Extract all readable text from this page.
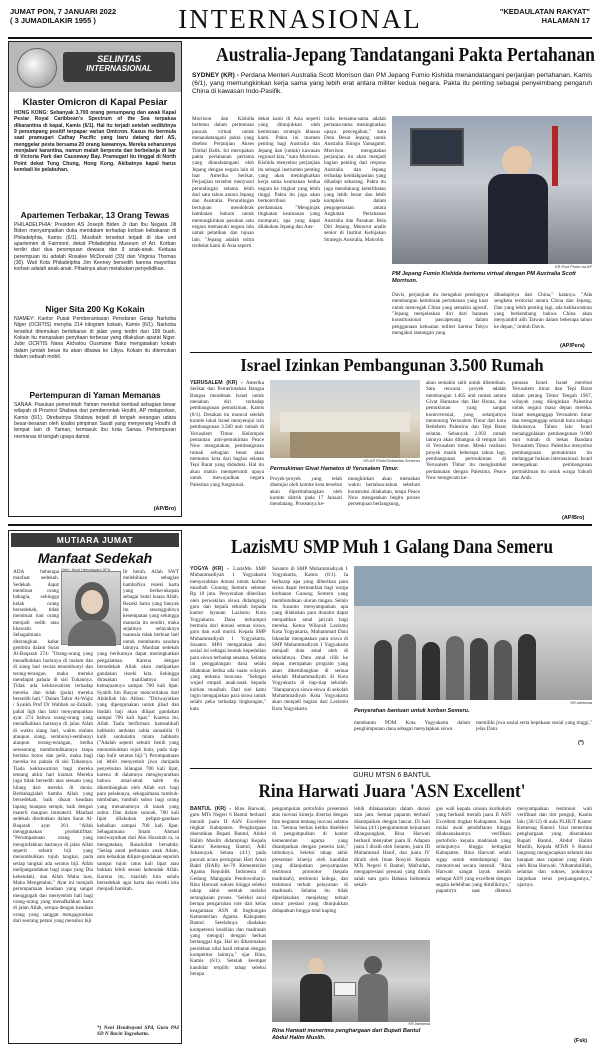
JUMAT PON, 7 JANUARI 2022
( 3 JUMADILAKIR 1955 )	INTERNASIONAL	"KEDAULATAN RAKYAT"
HALAMAN 17
SELINTAS
INTERNASIONAL
Klaster Omicron di Kapal Pesiar
HONG KONG: Sebanyak 3.700 orang penumpang dan awak Kapal Pesiar Royal Caribbean's Spectrum of the Sea terpaksa dikarantina di kapal, Kamis (6/1). Hal itu terjadi setelah sedikitnya 9 penumpang positif terpapar varian Omicron. Kasus itu bermula saat pramugari Cathay Pacific yang baru datang dari AS, menggelar pesta bersama 20 orang kawannya. Mereka seharusnya menjalani karantina, namun malah berpesta dan berbelanja di bar di Victoria Park dan Causeway Bay. Pramugari itu tinggal di North Point dekat Tung Chung, Hong Kong. Akibatnya kapal harus kembali ke pelabuhan.
Apartemen Terbakar, 13 Orang Tewas
PHILADELPHIA: Presiden AS Joseph Biden Jr dan Ibu Negara Jill Biden menyampaikan duka mendalam terhadap korban kebakaran di Philadelphia, Kamis (6/1). Musibah tersebut terjadi di due unit apartemen di Fairmont, dekat Philadelphia Museum of Art. Korban terdiri dari dua perempuan dewasa dan 9 anak-anak. Keduaa perempuan itu adalah Rosalee McDonald (33) dan Virginia Thomas (30). Wali Kota Philadelphia Jim Kenney bersedih karena mayoritas korban adalah anak-anak. Pihaknya akan melakukan penyelidikan.
Niger Sita 200 Kg Kokain
NIAMEY: Kantor Pusat Pemberantasan Peredaran Gelap Narkoba Niger (OCRTIS) menyita 214 kilogram kokain, Kamis (6/1). Narkoba tersebut ditemukan bertebaran di jalan yang terdiri dari 199 buah. Kokain itu merupakan penyitaan terbesar yang dilakukan aparat Niger. Jubir OCRTIS Nana Aichatou Ousmane Bako mengatakan kokain dalam jumlah besar itu akan dibawa ke Libya. Kokain itu ditemukan dalam sebuah mobil.
Pertempuran di Yaman Memanas
SANAA: Pasukan pemerintah Yaman merebut kembali sebagian besar wilayah di Provinsi Shabwa dari pemberontak Houthi, AP melaporkan, Kamis (6/1). Direbutnya Shabwa terjadi di tengah serangan udara besar-besaran oleh koalisi pimpinan Saudi yang menyerang Houthi di tempat lain di Yaman, termasuk ibu kota Sanaa. Pertempuran memanas di tengah upaya damai.
(AP/Bro)
Australia-Jepang Tandatangani Pakta Pertahanan
SYDNEY (KR) - Perdana Menteri Australia Scott Morrison dan PM Jepang Fumio Kishida menandatangani perjanjian pertahanan, Kamis (6/1), yang memungkinkan kerja sama yang lebih erat antara militer kedua negara. Pakta itu penting sebagai penyeimbang pengaruh China di kawasan Indo-Pasifik.
Morrison dan Kishida bertemu dalam pertemuan puncak virtual untuk menandatangani pakta yang disebut Perjanjian Akses Timbal Balik. Ini merupakan pakta pertahanan pertama yang ditandatangani oleh Jepang dengan negara lain di luar Amerika Serikat. Perjanjian tersebut menyusul perundingan selama lebih dari satu tahun antara Jepang dan Australia. Perundingan bertujuan mendobrak hambatan hukum untuk memungkinkan pasukan satu negara memasuki negara lain untuk pelatihan dan tujuan lain. "Jepang adalah mitra terdekat kami di Asia seperti
dekat kami di Asia seperti yang ditunjukkan oleh kemitraan strategis khusus kami. Pakta ini momen penting bagi Australia dan Jepang dan (untuk) kawasan regional kita," kata Morrison. Kishida menyebut perjanjian itu sebagai instrumen penting yang akan meningkatkan kerja sama keamanan kedua negara ke tingkat yang lebih tinggi. Pakta itu juga akan berkontribusi pada perdamaian. "Menginjak tingkatan keamanan yang mumpuni, apa yang dapat dilakukan Jepang dan Aus-
tralia bersama-sama adalah pertama-tama meningkatkan upaya pencegahan," kata Duta Besar Jepang untuk Australia Shingo Yamagami. Morrison mengatakan perjanjian itu akan menjadi bagian penting dari respons Australia dan Jepang terhadap ketidakpastian yang dihadapi sekarang. Pakta itu juga mendukung keterlibatan yang lebih besar dan lebih kompleks dalam pengoperasian antara Angkatan Pertahanan Australia dan Pasukan Bela Diri Jepang. Menurut analis senior di Institut Kebijakan Strategis Australia, Malcolm
KR-Pool Photo via AP
PM Jepang Fumio Kishida bertemu virtual dengan PM Australia Scott Morrison.
Davis, perjanjian itu mengakui pentingnya membangun kemitraan pertahanan yang kuat untuk mencegah China yang semakin agresif. "Jepang menjelaskan diri dari batasan konstitusional pascaperang dalam penggunaan kekuatan militer karena Tokyo mengakui tantangan yang
dihadapinya dari China," katanya. "Ada sengketa teritorial antara China dan Jepang. Dan yang lebih penting lagi, ada kekhawatiran yang berkembang bahwa China akan menyambil alih Taiwan dalam beberapa tahun ke depan," imbuh Davis.
(AP/Pera)
Israel Izinkan Pembangunan 3.500 Rumah
YERUSALEM (KR) - Amerika Serikat dan Pemerintahan Bangsa Bangsa mendesak Israel untuk menahan diri terhadap pembangunan pemukiman, Kamis (6/1). Desakan itu muncul setelah komite lokal Israel menyetujui izin pembangunan 3.500 unit rumah di Yerusalem Timur. Kelompok pemantau anti-pemukiman Peace Now mengatakan, pembangunan rumah sebagian besar akan memutus kota dari bagian selatan Tepi Barat yang diduduki. Hal itu akan makin memperumit upaya untuk mewujudkan negara Palestina yang fungsional.
KR-AP Photo/Sebastian Scheiner
Permukiman Givat Hamatos di Yerusalem Timur.
Proyek-proyek yang telah disetujui oleh komite kota tersebut akan dipertimbangkan oleh komite distrik pada 17 Januari mendatang. Proseanya ke-
mungkinkan akan memakan waktu bertahun-tahun sebelum konstruksi dilakukan, tetapi Peace Now mengatakan begitu proses persetujuan berlangsung,
akan semakin sulit untuk dihentikan. Satu rencana proyek adalah membangun 1.465 unit rumah antara Givat Hamatos dan Har Homa, dua pemukiman yang sangat kontroversial, yang selanjutnya memotong Yerusalem Timur dari kota Betlehem Palestina dan Tepi Barat selatan. Sebanyak 2.092 rumah lainnya akan dibangun di tempat lain di Yerusalem timur. Meski realisasi proyek masih beberapa tahun lagi, pembangunan permukiman di Yerusalem Timur itu menghambat perdamaian dengan Palestina. Peace Now mengecam ke-
putusan Israel. Israel merebut Yerusalem timur dan Tepi Barat dalam perang Timur Tengah 1967, wilayah yang diinginkan Palestina untuk negara masa depan mereka. Israel menganggap Yerusalem timur dan menganggap seluruh kota sebagai ibukotanya. Tahun lalu Israel menanggulakan pembangunan 9.000 unit rumah di bekas Bandara Yerusalem Timur. Palestina menyebut pembangunan pemukiman itu melanggar hukum internasional. Israel menegaskan pembangunan permukiman itu untuk warga Yahudi dan Arab.
(AP/Bro)
MUTIARA JUMAT
Manfaat Sedekah
Oleh: Neni Hendrayani SPd
ADA beberapa manfaat sedekah. Sedekah dapat membuat orang bahagia, sehingga kelak orang bersedekah, tidak membuat hati orang menjadi sedih atau khawatir. Sebagaimana diterangkan kabar gembira dalam Surat Al-Baqarah 274: "Orang-orang yang menafkahkan hartanya di malam dan di siang hari secara tersembunyi dan terang-terangan, maka mereka mendapat pahala di sisi Tuhannya. Tidak ada kekhawatiran terhadap mereka dan tidak (pula) mereka bersedih hati." Dalam Tafsir Al-Wajiz / Syaikh Prof Dr Wahbah az-Zuhaili, pahal ilgh dan lahir menyampaikan ayat 274 bahwa orang-orang yang menafkahkan hartanya di jalan Allah di waktu siang hari, waktu malam ataupun siang, sembunyi-sembunyi ataupun terang-terangan, ketika sesesorang membutuhkannya tanpa berlaku boros dan pelit, maka bagi mereka itu pahala di sisi Tuhannya. Tiada kekhawatiran bagi mereka tentang akhir hari kiamat. Mereka juga tidak bersedih atas sesuatu yang hilang dari mereka di dunia. Berbahagialah hamba Allah yang bersedekah, baik disaat keadaan lapang maupun sempit, baik dengan materil maupun immateril. Manfaat sedekah disebutkan dalam Surat Al-Baqarah ayat 261 "Allah menggunakan produktifitas: "Perumpamaan orang yang menginfakkan hartanya di jalan Allah seperti sebutir biji yang menumbuhkan tujuh tangkai, pada setiap tangkai ada seratus biji. Allah melipatgandakan bagi siapa yang Dia kehendaki, dan Allah Maha luas, Maha Mengetahui." Ayat ini menjadi perumpamaan keadaan yang sangat menggugah dan menyentuh hati bagi orang-orang yang menafkahkan harta di jalan Allah, serupa dengan keadaan orang yang sanggat mengagumkan dari seorang petani yang menabur biji
fir benih. Allah SWT melebihkan sebagian hambaNya rezeki harta yang berkecukupan sebagai bukti kuasa Allah. Rezeki harta yang banyak itu sesungguhnya kesempatan yang sehingga manusia itu sendiri, maka sejatinya selayaknya manusia tidak berbuat hati untuk membantu saudara lainnya. Manfaat sedekah yang berikutnya dapat meningkatkan pengalaman. Karena dengan bersedekah Allah akan melipatkan gandakan rezeki kita. Sehingga dirasakan manfaatnya dari kemajuannya sampai 700 kali lipat. Syabih bin Basyar menceritakan dari Abdullah bin Abbas: "Diriwayatkan yang dipergunakan untuk jihad dan ibadah haji akan dilipat gandakan sampai 700 kali lipat." Karena itu, Allah Taala berfirman: kamsalihafi habbatin ambatat sabla sanaabila fi kulli sunbulatin miatu habbatin ("Adalah seperti sebutir benih yang menumbuhkan tujuh butir, pada tiap-tiap bulir seratus biji.") Perumpamaan ini lebih menyentuh jiwa daripada penyebutan bilangan 700 kali lipat, karena di dalamnya mengisyaratkan bahwa amal-amal saleh itu dikembangkan oleh Allah swt. bagi para pelakunya, sebagaimana tumbuh-tumbuhan, tumbuh subur bagi orang yang menanamnya di tanah yang subur. Dan dalam sunnah, 700 kali lipat dilakukan pelipat-gandaan kebaikan sampai 700 kali lipat. Sebagaimana Imam Ahmad meriwayatkan dari Abu Hurairah ra, ia mengatakan, Rasulullah bersabda: "Setiap amal perbuatan anak Adam, satu kebaikan dilipat-gandakan sepuluh sampai tujuh ratus kali lipat atau bahkan lebih sesuai kehendak Allah. Karena itu, marilah kita selalu bersedekah agar harta dan rezeki kita menjadi barokah.
*) Neni Hendrayani SPd, Guru PAI SD N Bacin Yogyakarta.
LazisMU SMP Muh 1 Galang Dana Semeru
YOGYA (KR) - LazisMu SMP Muhammadiyah 1 Yogyakarta menyerahkan donasi untuk korban musibah Gunung Semeru sebesar Rp 10 juta. Penyerahan diberikan oleh perwakilan siswa didampingi guru dan kepala sekolah kepada kantor layanan Lazismu Kota Yogyakarta. Dana terkumpul bermula dari donasi semua siswa, guru dan wali murid. Kepala SMP Muhammadiyah 1 Yogyakarta, Susanto MPd mengatakan aksi sosial ini sebagai bentuk kepedulian para siswa terhadap sesama. Selama ini penggalangan dana selalu dilakukan ketika ada suatu wilayah yang terkena bencana. "Sebagai wujud empati anak-anak kepada korban musibah. Dari sini kami ingin mengajarkan para siswa untuk selalu peka terhadap lingkungan," kata
Susanto di SMP Muhammadiyah 1 Yogyakarta, Kamis (6/1). Ia berharap apa yang diberikan para siswa dapat bermanfaat bagi warga korbanan Gunung Semeru yang membutuhkan uluran tangan. Selain itu Susanto menyampaikan apa yang dilakukan para donatur dapat menjadikan amal jariyah bagi mereka. Ketua Wilayah Lazismu Kota Yogyakarta, Muhammad Dani Iskandar mengatakan para siswa di SMP Muhammadiyah 1 Yogyakarta menjadi duta amal oleh di sekolahnya. Duta amal cilik ke depan merupakan program yang akan dikembangkan di semua sekolah Muhammadiyah di Kota Yogyakarta di tiap-tiap sekolah. "Harapannya siswa-siswa di sekolah Muhammadiyah Kota Yogyakarta akan menjadi bagian dari Lazismu Kota Yogyakarta
KR-Istimewa
Penyerahan bantuan untuk korban Semeru.
membantu PDM Kota Yogyakarta dalam penghimpunan dana sebagai menyiapkan siswa
memiliki jiwa sosial serta kepekaan sosial yang tinggi," jelas Dani.
(*)
GURU MTSN 6 BANTUL
Rina Harwati Juara 'ASN Excellent'
BANTUL (KR) - Rina Harwati, guru MTs Negeri 6 Bantul berhasil meraih juara II ASN Excellent tingkat Kabupaten. Penghargaan diserahkan Bupati Bantul, Abdul Halim Muslih didampingi Kepala Kantor Kemenag Bantul, Adil Juhanuyah, Selasa (4/1) pada puncak acara peringatan Hari Amal Bakti (HAB) ke-76 Kementerian Agama Republik Indonesia di Gedung Manggala Pendowoharjo. Rina Harwati sukses hingga seleksi tahap akhir setelah melalui serangkaian proses. "Seleksi awal berupa pengaruhan rote dari kelas keagamaan ASN di lingkungan Kementerian Agama Kabupaten Bantul. Setelahnya diadakan kompetensi keahlian dan madrasah yang menguji dengan berkas bertanggal tiga. Hal ini dikarenakan perolehan nilai hasil rebutan dengan kompetitor lainnya," ujar Rina, Kamis (6/1). Setelah keempat kandidat terpilih tahap seleksi berupa
pengumpulan portofolio presentasi atas inovasi kinerja disertai dengan foto kegiatan tentang inovasi selama ini. "Semua berkas ketika diseleksi di pengumpulkan di kantor kementerian agama yang disampaikan dengan peserta lain," imbuhnya. Seleksi tahap akhir presentasi kinerja oleh kandidat yang dilanjutkan penyampaian testimoni promotor (kepala madrasah), testimoni kolega, dan testimoni terkait pelayanan di madrasah. Selama itu tidak diperlakukan menjelang terkait unsur prestasi yang ditunjukkan didapatkan hingga total kaping
lebih dilaksanakan dalam durasi satu jam. Semua paparan berhasil disampaikan dengan lancar. Di hari Selasa (4/1) pengumuman kejuaraan dilangsungkan, Rina Harwati berhasil menyabet juara II. Adapun juara I diraih oleh Sutanto, juara III Muhammad Hanif, dan juara IV diraih oleh Iman Rosyid. Kepala MTs Negeri 6 Bantul, Mafrudah, mengapresiasi prestasi yang diraih salah satu guru Bahasa Indonesia sekali-
KR-Istimewa
Rina Harwati menerima penghargaan dari Bupati Bantul Abdul Halim Muslih.
gus wali kepala urusan kurikulum yang berhasil meraih juara II ASN Excellent tingkat Kabupaten. Sejak mulai awal pendaftaran hingga dilaksanakannya verifikasi portofolio kepala madrasah yang selanjutnya hingga ketingkat Kabupaten. Rina Harwati selalu sigap untuk mendampingi dan memotivasi secara intensif. "Rina Harwati sangat layak meraih sebagai ASN yang excellent dengan segala kelebihan yang dimilikinya," papamrya saat ditemui menyampaikan testimoni wali verifikasi dan tim penguji, Kamis lalu (30/12) di aula PLHUT Kantor Kemenag Bantul. Usai menerima penghargaan yang diserahkan Bupati Bantul, Abdul Halim Muslih, Kepala MTsN 6 Bantul langsung mengucapkan selamat dan harapan atas capaian yang diraih oleh Rina Harwati. "Alhamdulillah, selamat dan sukses, pokoknya lanjutkan terus perjuangannya," ujarnya.
(Fsk)
